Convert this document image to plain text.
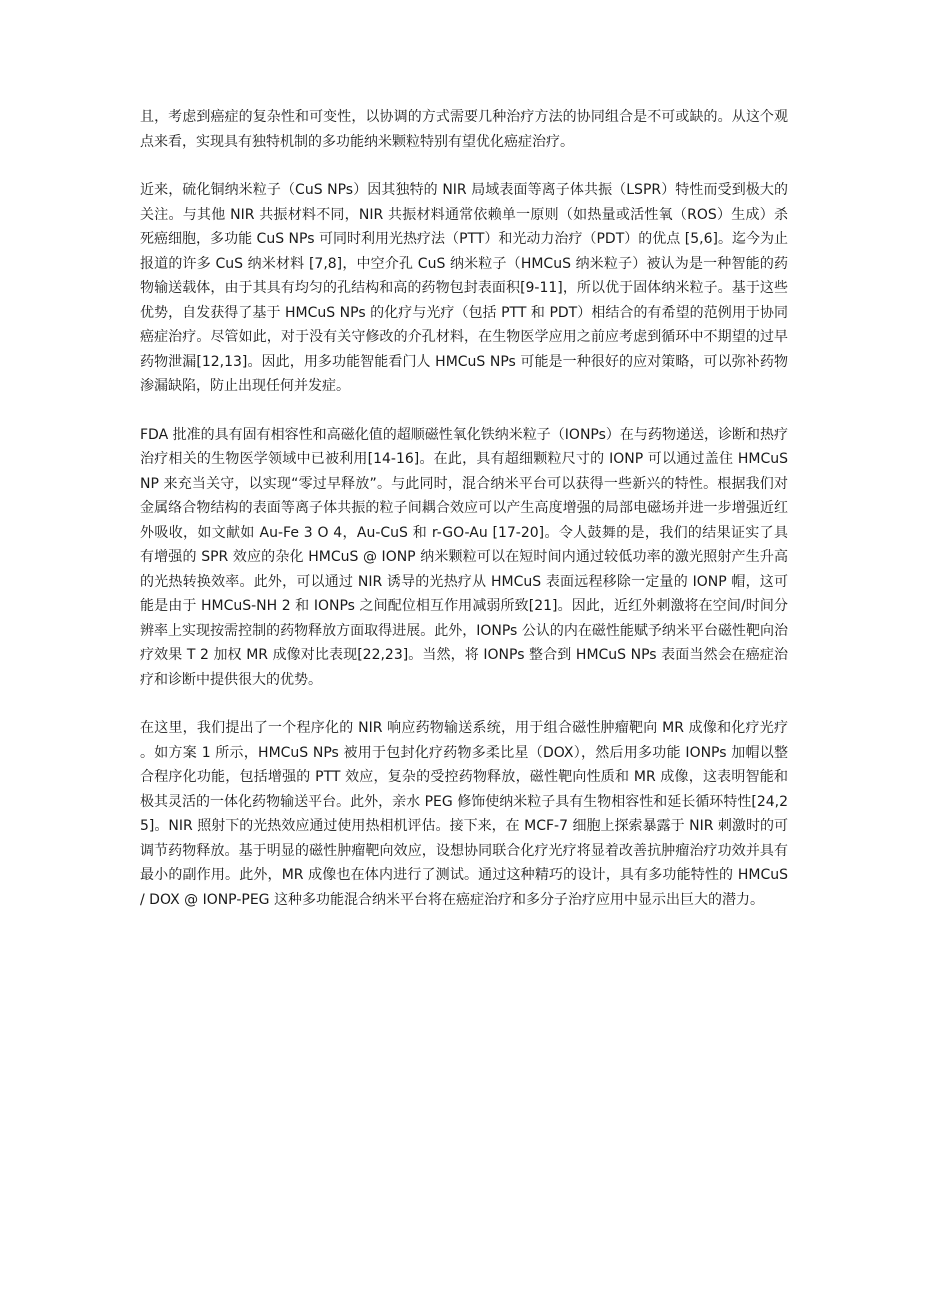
且，考虑到癌症的复杂性和可变性，以协调的方式需要几种治疗方法的协同组合是不可或缺的。从这个观点来看，实现具有独特机制的多功能纳米颗粒特别有望优化癌症治疗。

近来，硫化铜纳米粒子（CuS NPs）因其独特的 NIR 局域表面等离子体共振（LSPR）特性而受到极大的关注。与其他 NIR 共振材料不同，NIR 共振材料通常依赖单一原则（如热量或活性氧（ROS）生成）杀死癌细胞，多功能 CuS NPs 可同时利用光热疗法（PTT）和光动力治疗（PDT）的优点 [5,6]。迄今为止报道的许多 CuS 纳米材料 [7,8]，中空介孔 CuS 纳米粒子（HMCuS 纳米粒子）被认为是一种智能的药物输送载体，由于其具有均匀的孔结构和高的药物包封表面积[9-11]，所以优于固体纳米粒子。基于这些优势，自发获得了基于 HMCuS NPs 的化疗与光疗（包括 PTT 和 PDT）相结合的有希望的范例用于协同癌症治疗。尽管如此，对于没有关守修改的介孔材料，在生物医学应用之前应考虑到循环中不期望的过早药物泄漏[12,13]。因此，用多功能智能看门人 HMCuS NPs 可能是一种很好的应对策略，可以弥补药物渗漏缺陷，防止出现任何并发症。

FDA 批准的具有固有相容性和高磁化值的超顺磁性氧化铁纳米粒子（IONPs）在与药物递送，诊断和热疗治疗相关的生物医学领域中已被利用[14-16]。在此，具有超细颗粒尺寸的 IONP 可以通过盖住 HMCuS NP 来充当关守，以实现“零过早释放”。与此同时，混合纳米平台可以获得一些新兴的特性。根据我们对金属络合物结构的表面等离子体共振的粒子间耦合效应可以产生高度增强的局部电磁场并进一步增强近红外吸收，如文献如 Au-Fe 3 O 4，Au-CuS 和 r-GO-Au [17-20]。令人鼓舞的是，我们的结果证实了具有增强的 SPR 效应的杂化 HMCuS @ IONP 纳米颗粒可以在短时间内通过较低功率的激光照射产生升高的光热转换效率。此外，可以通过 NIR 诱导的光热疗从 HMCuS 表面远程移除一定量的 IONP 帽，这可能是由于 HMCuS-NH 2 和 IONPs 之间配位相互作用减弱所致[21]。因此，近红外刺激将在空间/时间分辨率上实现按需控制的药物释放方面取得进展。此外，IONPs 公认的内在磁性能赋予纳米平台磁性靶向治疗效果 T 2 加权 MR 成像对比表现[22,23]。当然，将 IONPs 整合到 HMCuS NPs 表面当然会在癌症治疗和诊断中提供很大的优势。

在这里，我们提出了一个程序化的 NIR 响应药物输送系统，用于组合磁性肿瘤靶向 MR 成像和化疗光疗。如方案 1 所示，HMCuS NPs 被用于包封化疗药物多柔比星（DOX），然后用多功能 IONPs 加帽以整合程序化功能，包括增强的 PTT 效应，复杂的受控药物释放，磁性靶向性质和 MR 成像，这表明智能和极其灵活的一体化药物输送平台。此外，亲水 PEG 修饰使纳米粒子具有生物相容性和延长循环特性[24,25]。NIR 照射下的光热效应通过使用热相机评估。接下来，在 MCF-7 细胞上探索暴露于 NIR 刺激时的可调节药物释放。基于明显的磁性肿瘤靶向效应，设想协同联合化疗光疗将显着改善抗肿瘤治疗功效并具有最小的副作用。此外，MR 成像也在体内进行了测试。通过这种精巧的设计，具有多功能特性的 HMCuS / DOX @ IONP-PEG 这种多功能混合纳米平台将在癌症治疗和多分子治疗应用中显示出巨大的潜力。
